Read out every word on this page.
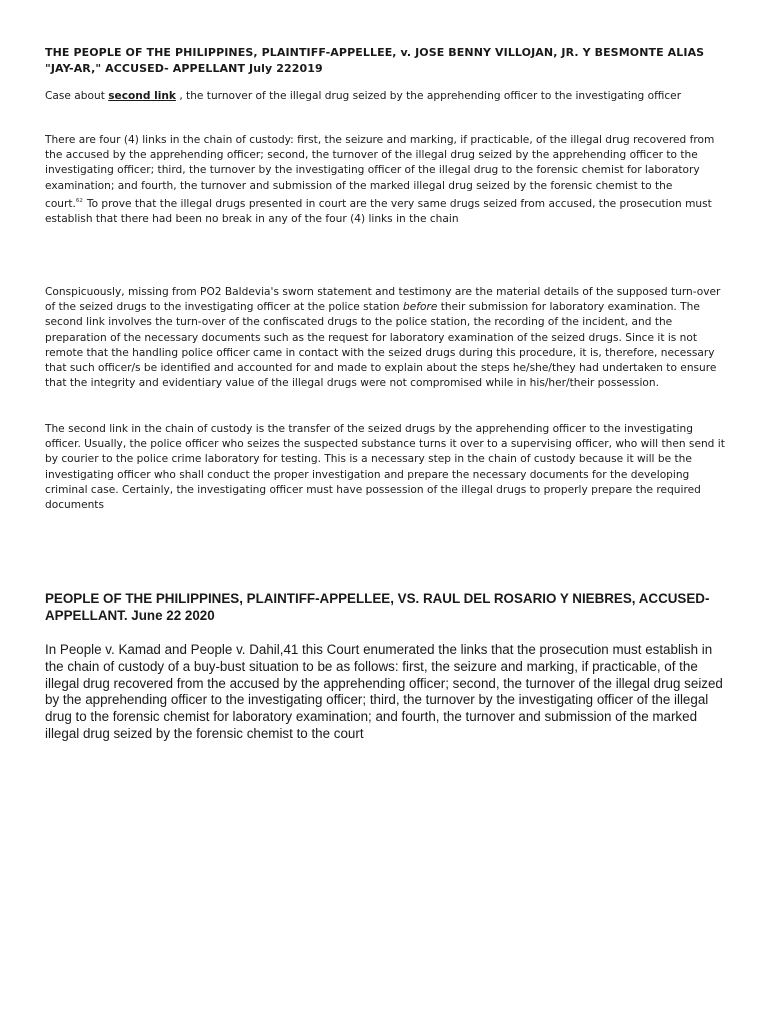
THE PEOPLE OF THE PHILIPPINES, PLAINTIFF-APPELLEE, v. JOSE BENNY VILLOJAN, JR. Y BESMONTE ALIAS "JAY-AR," ACCUSED- APPELLANT July 222019

Case about second link , the turnover of the illegal drug seized by the apprehending officer to the investigating officer

There are four (4) links in the chain of custody: first, the seizure and marking, if practicable, of the illegal drug recovered from the accused by the apprehending officer; second, the turnover of the illegal drug seized by the apprehending officer to the investigating officer; third, the turnover by the investigating officer of the illegal drug to the forensic chemist for laboratory examination; and fourth, the turnover and submission of the marked illegal drug seized by the forensic chemist to the court.$^{62}$ To prove that the illegal drugs presented in court are the very same drugs seized from accused, the prosecution must establish that there had been no break in any of the four (4) links in the chain

Conspicuously, missing from PO2 Baldevia's sworn statement and testimony are the material details of the supposed turn-over of the seized drugs to the investigating officer at the police station before their submission for laboratory examination. The second link involves the turn-over of the confiscated drugs to the police station, the recording of the incident, and the preparation of the necessary documents such as the request for laboratory examination of the seized drugs. Since it is not remote that the handling police officer came in contact with the seized drugs during this procedure, it is, therefore, necessary that such officer/s be identified and accounted for and made to explain about the steps he/she/they had undertaken to ensure that the integrity and evidentiary value of the illegal drugs were not compromised while in his/her/their possession.

The second link in the chain of custody is the transfer of the seized drugs by the apprehending officer to the investigating officer. Usually, the police officer who seizes the suspected substance turns it over to a supervising officer, who will then send it by courier to the police crime laboratory for testing. This is a necessary step in the chain of custody because it will be the investigating officer who shall conduct the proper investigation and prepare the necessary documents for the developing criminal case. Certainly, the investigating officer must have possession of the illegal drugs to properly prepare the required documents

PEOPLE OF THE PHILIPPINES, PLAINTIFF-APPELLEE, VS. RAUL DEL ROSARIO Y NIEBRES, ACCUSED-APPELLANT. June 22 2020

In People v. Kamad and People v. Dahil,41 this Court enumerated the links that the prosecution must establish in the chain of custody of a buy-bust situation to be as follows: first, the seizure and marking, if practicable, of the illegal drug recovered from the accused by the apprehending officer; second, the turnover of the illegal drug seized by the apprehending officer to the investigating officer; third, the turnover by the investigating officer of the illegal drug to the forensic chemist for laboratory examination; and fourth, the turnover and submission of the marked illegal drug seized by the forensic chemist to the court
